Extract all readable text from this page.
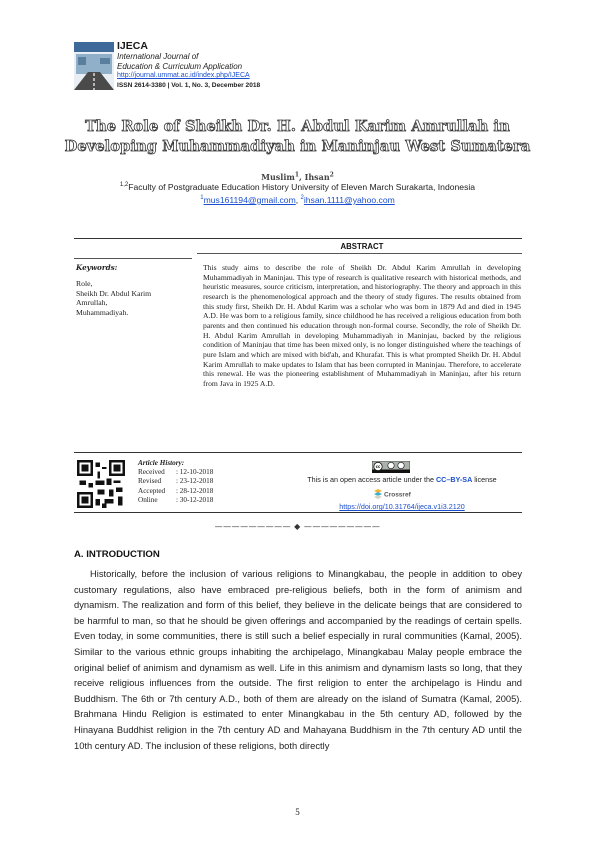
IJECA
International Journal of
Education & Curriculum Application
http://journal.ummat.ac.id/index.php/IJECA
ISSN 2614-3380 | Vol. 1, No. 3, December 2018
The Role of Sheikh Dr. H. Abdul Karim Amrullah in Developing Muhammadiyah in Maninjau West Sumatera
Muslim$^1$, Ihsan$^2$
$^{1,2}$Faculty of Postgraduate Education History University of Eleven March Surakarta, Indonesia
$^1$mus161194@gmail.com, $^2$ihsan.1111@yahoo.com
ABSTRACT
Keywords:
Role,
Sheikh Dr. Abdul Karim
Amrullah,
Muhammadiyah.
This study aims to describe the role of Sheikh Dr. Abdul Karim Amrullah in developing Muhammadiyah in Maninjau. This type of research is qualitative research with historical methods, and heuristic measures, source criticism, interpretation, and historiography. The theory and approach in this research is the phenomenological approach and the theory of study figures. The results obtained from this study first, Sheikh Dr. H. Abdul Karim was a scholar who was born in 1879 Ad and died in 1945 A.D. He was born to a religious family, since childhood he has received a religious education from both parents and then continued his education through non-formal course. Secondly, the role of Sheikh Dr. H. Abdul Karim Amrullah in developing Muhammadiyah in Maninjau, backed by the religious condition of Maninjau that time has been mixed only, is no longer distinguished where the teachings of pure Islam and which are mixed with bid'ah, and Khurafat. This is what prompted Sheikh Dr. H. Abdul Karim Amrullah to make updates to Islam that has been corrupted in Maninjau. Therefore, to accelerate this renewal. He was the pioneering establishment of Muhammadiyah in Maninjau, after his return from Java in 1925 A.D.
Article History:
Received : 12-10-2018
Revised : 23-12-2018
Accepted : 28-12-2018
Online	: 30-12-2018
cc
This is an open access article under the CC–BY-SA license
Crossref
https://doi.org/10.31764/ijeca.v1i3.2120
————————— ◆ —————————
A. INTRODUCTION
Historically, before the inclusion of various religions to Minangkabau, the people in addition to obey customary regulations, also have embraced pre-religious beliefs, both in the form of animism and dynamism. The realization and form of this belief, they believe in the delicate beings that are considered to be harmful to man, so that he should be given offerings and accompanied by the readings of certain spells. Even today, in some communities, there is still such a belief especially in rural communities (Kamal, 2005). Similar to the various ethnic groups inhabiting the archipelago, Minangkabau Malay people embrace the original belief of animism and dynamism as well. Life in this animism and dynamism lasts so long, that they receive religious influences from the outside. The first religion to enter the archipelago is Hindu and Buddhism. The 6th or 7th century A.D., both of them are already on the island of Sumatra (Kamal, 2005). Brahmana Hindu Religion is estimated to enter Minangkabau in the 5th century AD, followed by the Hinayana Buddhist religion in the 7th century AD and Mahayana Buddhism in the 7th century AD until the 10th century AD. The inclusion of these religions, both directly
5
